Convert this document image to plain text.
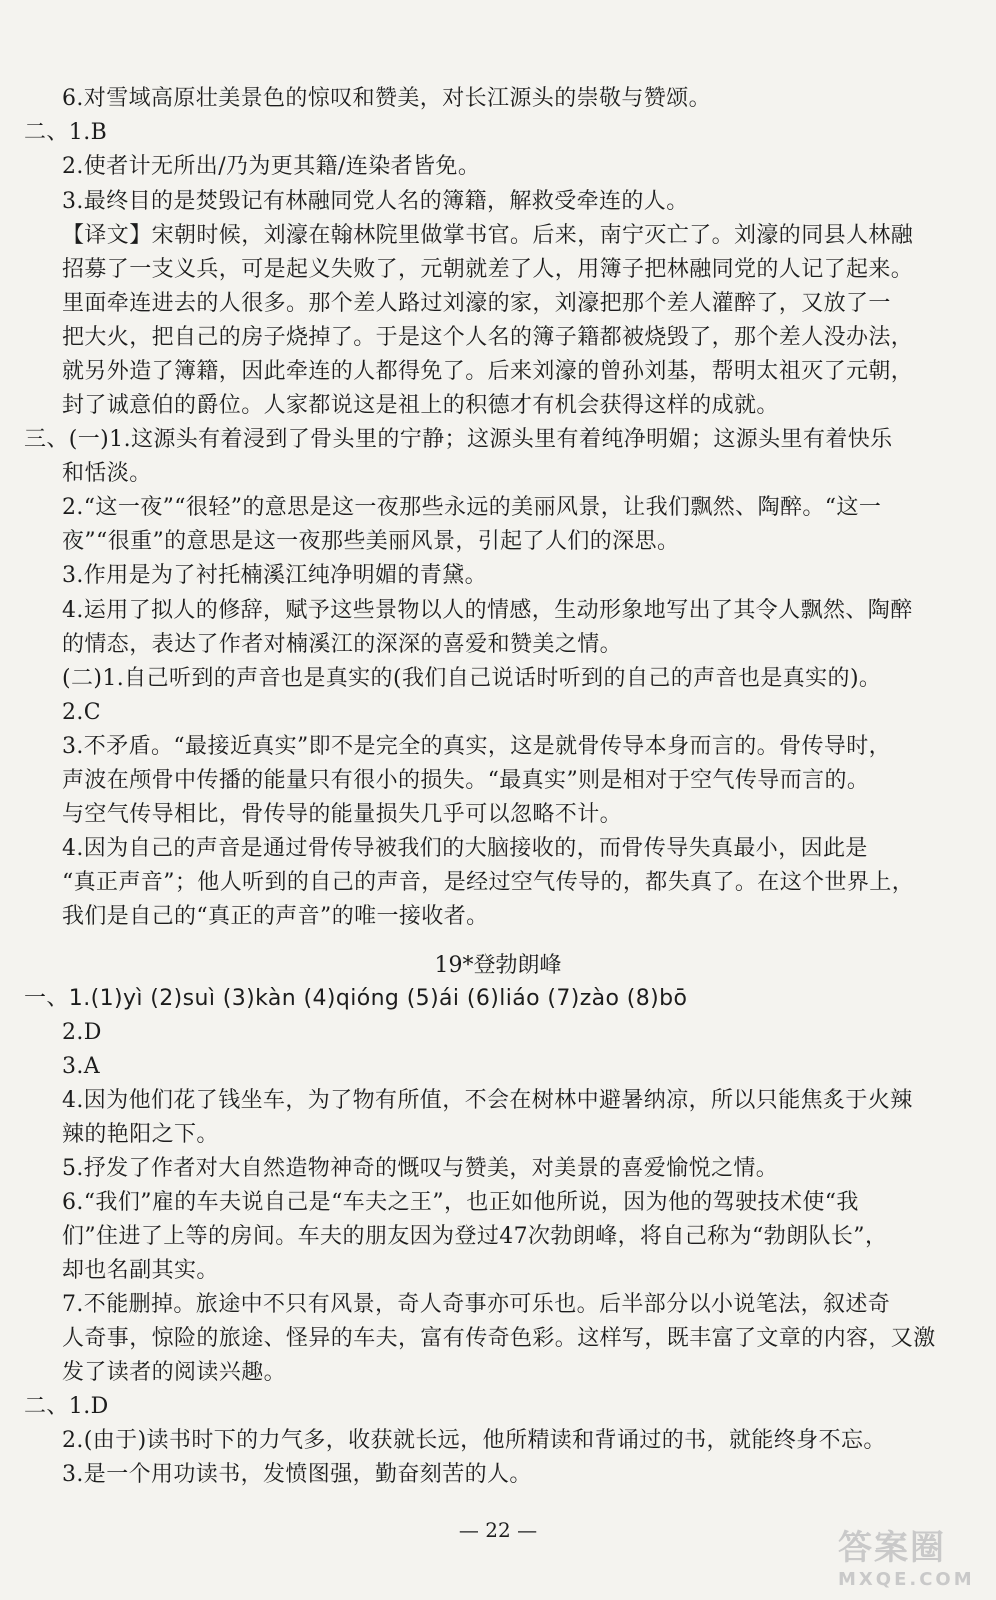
6.对雪域高原壮美景色的惊叹和赞美，对长江源头的崇敬与赞颂。
二、1.B
2.使者计无所出/乃为更其籍/连染者皆免。
3.最终目的是焚毁记有林融同党人名的簿籍，解救受牵连的人。
【译文】宋朝时候，刘濠在翰林院里做掌书官。后来，南宁灭亡了。刘濠的同县人林融
招募了一支义兵，可是起义失败了，元朝就差了人，用簿子把林融同党的人记了起来。
里面牵连进去的人很多。那个差人路过刘濠的家，刘濠把那个差人灌醉了，又放了一
把大火，把自己的房子烧掉了。于是这个人名的簿子籍都被烧毁了，那个差人没办法，
就另外造了簿籍，因此牵连的人都得免了。后来刘濠的曾孙刘基，帮明太祖灭了元朝，
封了诚意伯的爵位。人家都说这是祖上的积德才有机会获得这样的成就。
三、(一)1.这源头有着浸到了骨头里的宁静；这源头里有着纯净明媚；这源头里有着快乐
和恬淡。
2.“这一夜”“很轻”的意思是这一夜那些永远的美丽风景，让我们飘然、陶醉。“这一
夜”“很重”的意思是这一夜那些美丽风景，引起了人们的深思。
3.作用是为了衬托楠溪江纯净明媚的青黛。
4.运用了拟人的修辞，赋予这些景物以人的情感，生动形象地写出了其令人飘然、陶醉
的情态，表达了作者对楠溪江的深深的喜爱和赞美之情。
(二)1.自己听到的声音也是真实的(我们自己说话时听到的自己的声音也是真实的)。
2.C
3.不矛盾。“最接近真实”即不是完全的真实，这是就骨传导本身而言的。骨传导时，
声波在颅骨中传播的能量只有很小的损失。“最真实”则是相对于空气传导而言的。
与空气传导相比，骨传导的能量损失几乎可以忽略不计。
4.因为自己的声音是通过骨传导被我们的大脑接收的，而骨传导失真最小，因此是
“真正声音”；他人听到的自己的声音，是经过空气传导的，都失真了。在这个世界上，
我们是自己的“真正的声音”的唯一接收者。
19*登勃朗峰
一、1.(1)yì (2)suì (3)kàn (4)qióng (5)ái (6)liáo (7)zào (8)bō
2.D
3.A
4.因为他们花了钱坐车，为了物有所值，不会在树林中避暑纳凉，所以只能焦炙于火辣
辣的艳阳之下。
5.抒发了作者对大自然造物神奇的慨叹与赞美，对美景的喜爱愉悦之情。
6.“我们”雇的车夫说自己是“车夫之王”，也正如他所说，因为他的驾驶技术使“我
们”住进了上等的房间。车夫的朋友因为登过47次勃朗峰，将自己称为“勃朗队长”，
却也名副其实。
7.不能删掉。旅途中不只有风景，奇人奇事亦可乐也。后半部分以小说笔法，叙述奇
人奇事，惊险的旅途、怪异的车夫，富有传奇色彩。这样写，既丰富了文章的内容，又激
发了读者的阅读兴趣。
二、1.D
2.(由于)读书时下的力气多，收获就长远，他所精读和背诵过的书，就能终身不忘。
3.是一个用功读书，发愤图强，勤奋刻苦的人。
— 22 —	答案圈
MXQE.COM
